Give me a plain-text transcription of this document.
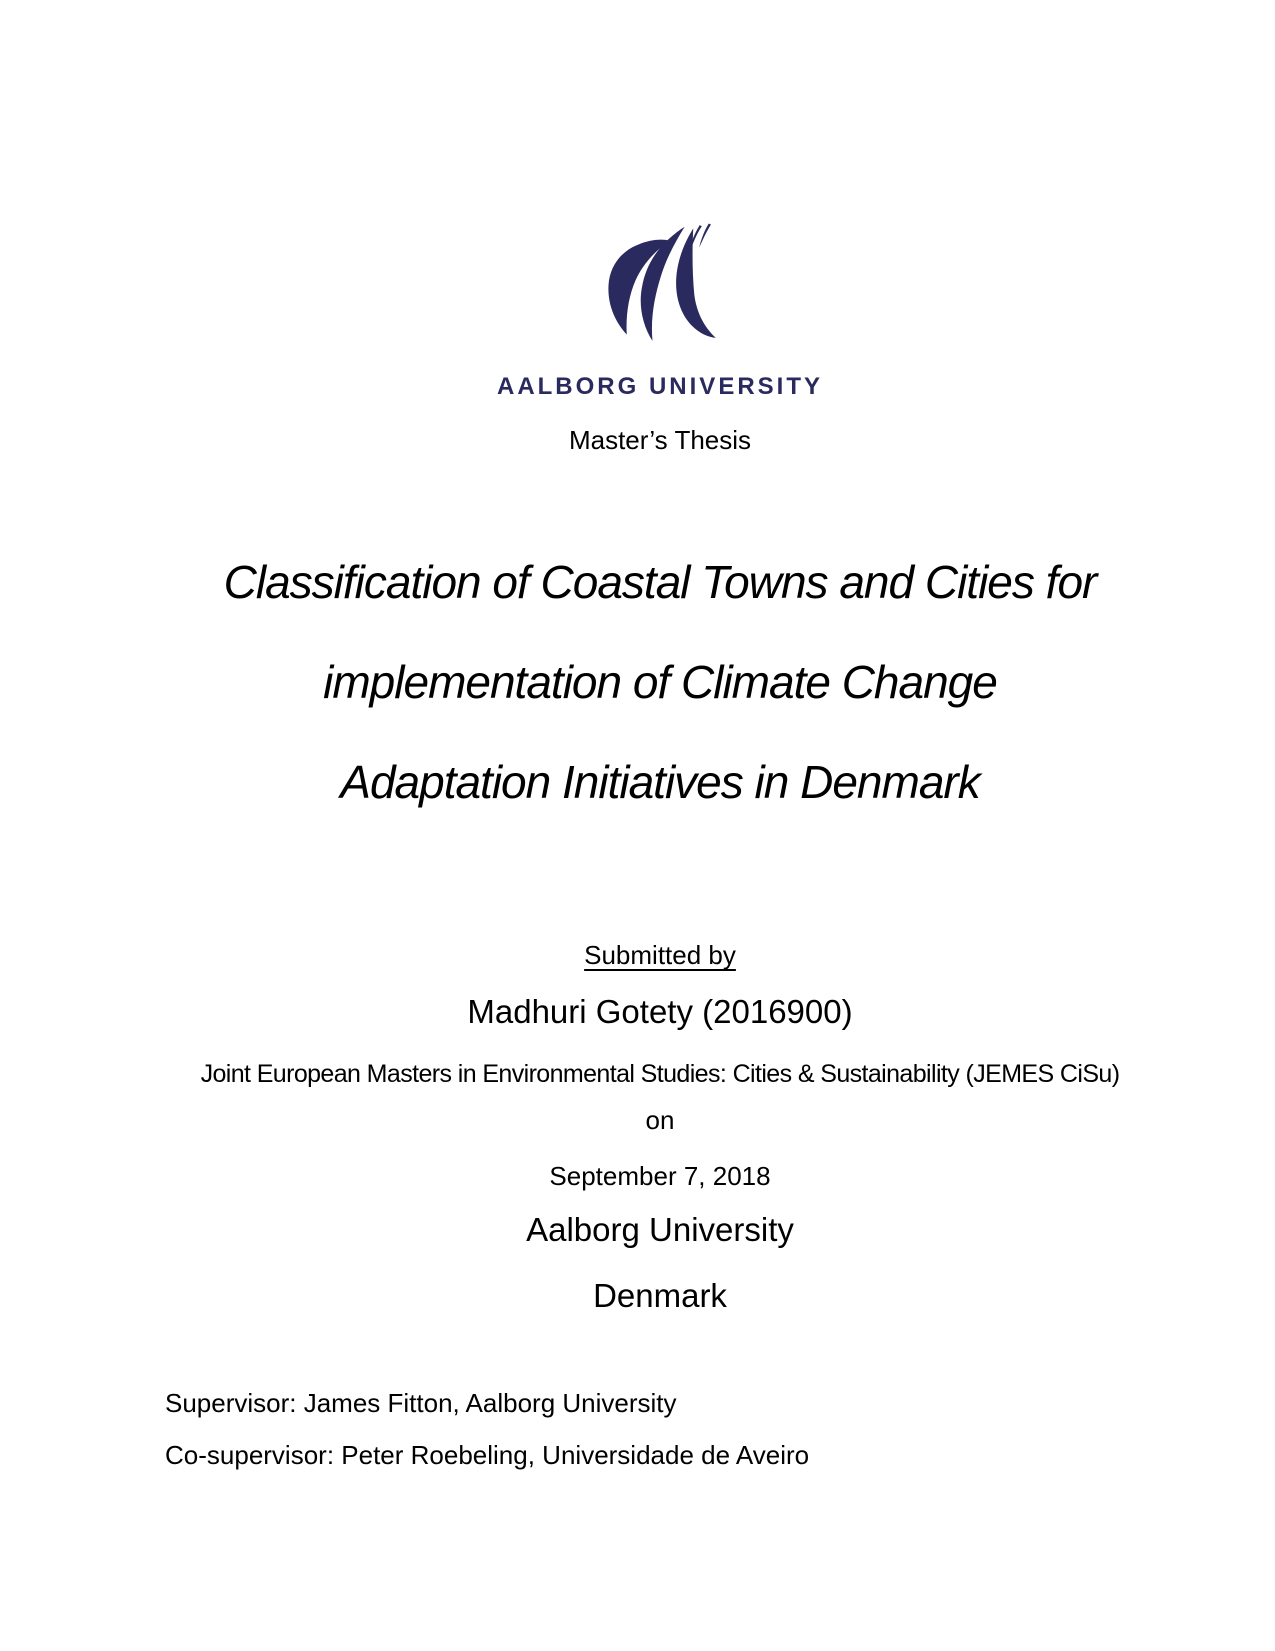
AALBORG UNIVERSITY
Master’s Thesis
Classification of Coastal Towns and Cities for
implementation of Climate Change
Adaptation Initiatives in Denmark
Submitted by
Madhuri Gotety (2016900)
Joint European Masters in Environmental Studies: Cities & Sustainability (JEMES CiSu)
on
September 7, 2018
Aalborg University
Denmark
Supervisor: James Fitton, Aalborg University
Co-supervisor: Peter Roebeling, Universidade de Aveiro
